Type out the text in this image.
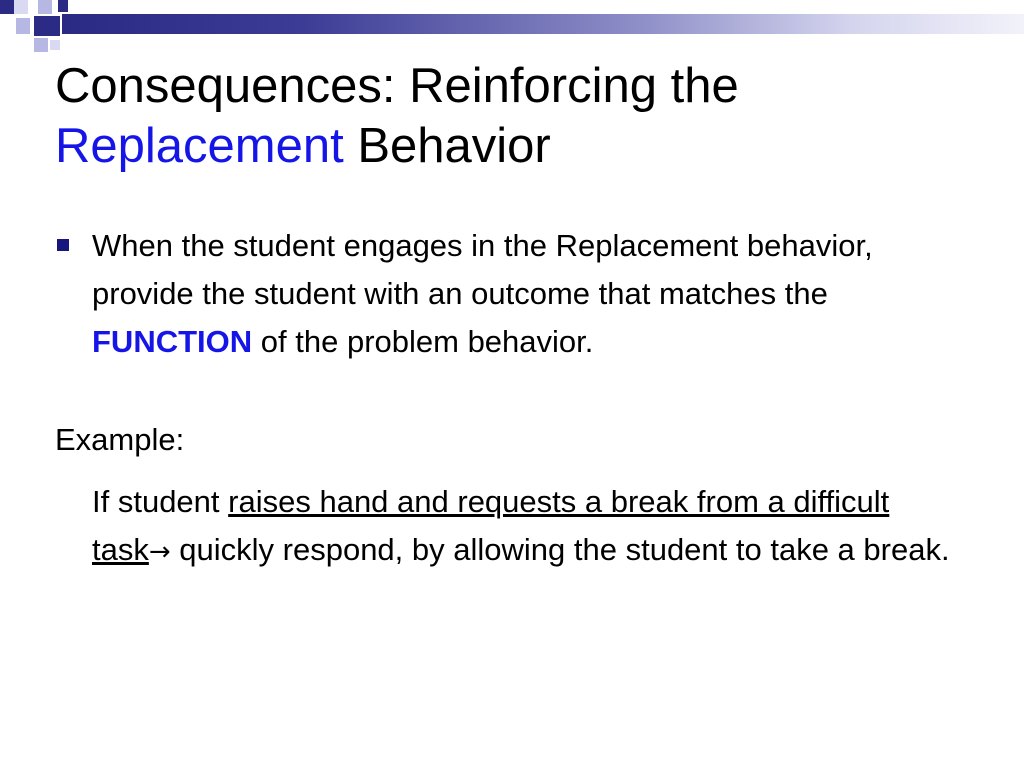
Consequences: Reinforcing the
Replacement Behavior
When the student engages in the Replacement behavior, provide the student with an outcome that matches the FUNCTION of the problem behavior.
Example:
If student raises hand and requests a break from a difficult task→ quickly respond, by allowing the student to take a break.
